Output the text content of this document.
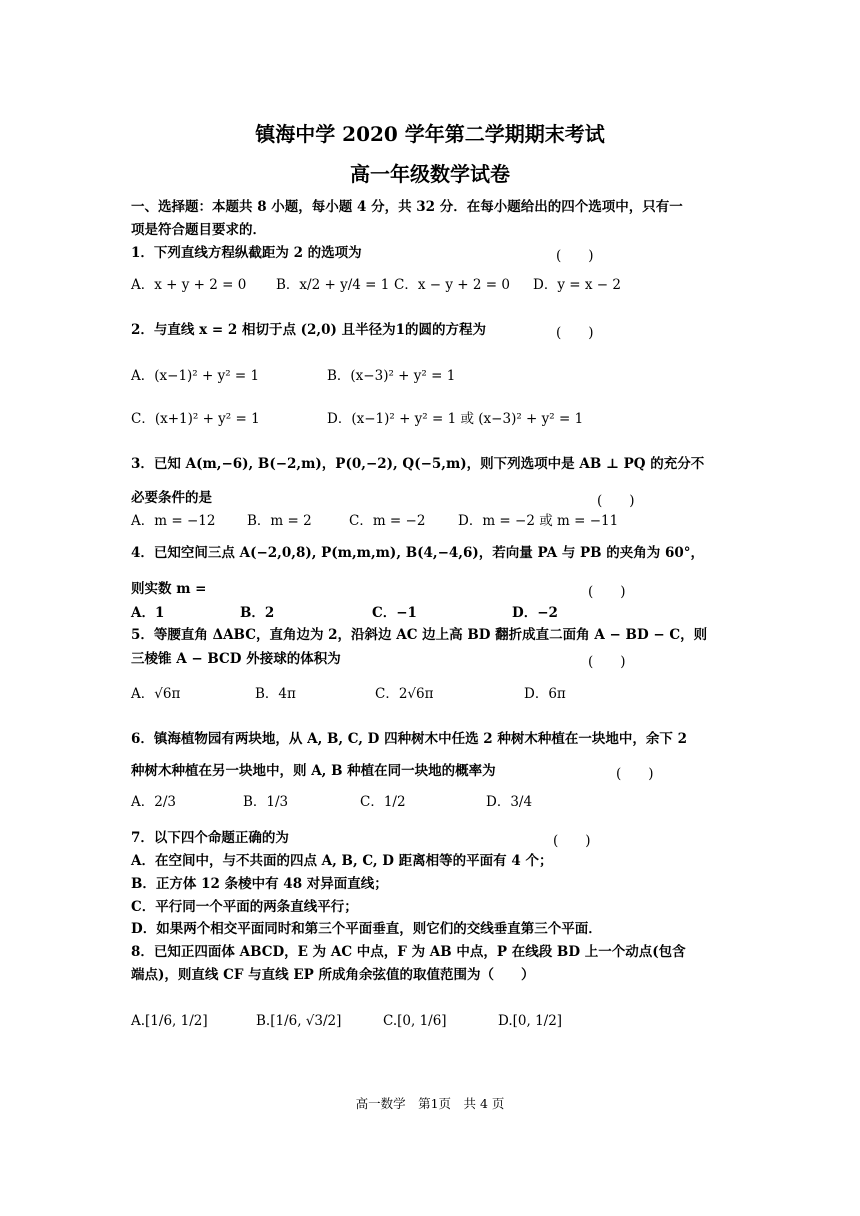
镇海中学 2020 学年第二学期期末考试
高一年级数学试卷
一、选择题：本题共 8 小题，每小题 4 分，共 32 分．在每小题给出的四个选项中，只有一
项是符合题目要求的．
1．下列直线方程纵截距为 2 的选项为	(　　)
A．x + y + 2 = 0 B．x/2 + y/4 = 1 C．x − y + 2 = 0 D．y = x − 2
2．与直线 x = 2 相切于点 (2,0) 且半径为1的圆的方程为	(　　)
A．(x−1)² + y² = 1	B．(x−3)² + y² = 1
C．(x+1)² + y² = 1	D．(x−1)² + y² = 1 或 (x−3)² + y² = 1
3．已知 A(m,−6), B(−2,m)，P(0,−2), Q(−5,m)，则下列选项中是 AB ⊥ PQ 的充分不
必要条件的是	(　　)
A．m = −12 B．m = 2	C．m = −2 D．m = −2 或 m = −11
4．已知空间三点 A(−2,0,8), P(m,m,m), B(4,−4,6)，若向量 PA 与 PB 的夹角为 60°，
则实数 m =	(　　)
A．1	B．2	C．−1	D．−2
5．等腰直角 ΔABC，直角边为 2，沿斜边 AC 边上高 BD 翻折成直二面角 A − BD − C，则
三棱锥 A − BCD 外接球的体积为	(　　)
A．√6π	B．4π	C．2√6π	D．6π
6．镇海植物园有两块地，从 A, B, C, D 四种树木中任选 2 种树木种植在一块地中，余下 2
种树木种植在另一块地中，则 A, B 种植在同一块地的概率为	(　　)
A．2/3	B．1/3	C．1/2	D．3/4
7．以下四个命题正确的为	(　　)
A．在空间中，与不共面的四点 A, B, C, D 距离相等的平面有 4 个；
B．正方体 12 条棱中有 48 对异面直线；
C．平行同一个平面的两条直线平行；
D．如果两个相交平面同时和第三个平面垂直，则它们的交线垂直第三个平面．
8．已知正四面体 ABCD，E 为 AC 中点，F 为 AB 中点，P 在线段 BD 上一个动点(包含
端点)，则直线 CF 与直线 EP 所成角余弦值的取值范围为（　　）
A.[1/6, 1/2]	B.[1/6, √3/2]	C.[0, 1/6]	D.[0, 1/2]
高一数学　第1页　共 4 页
